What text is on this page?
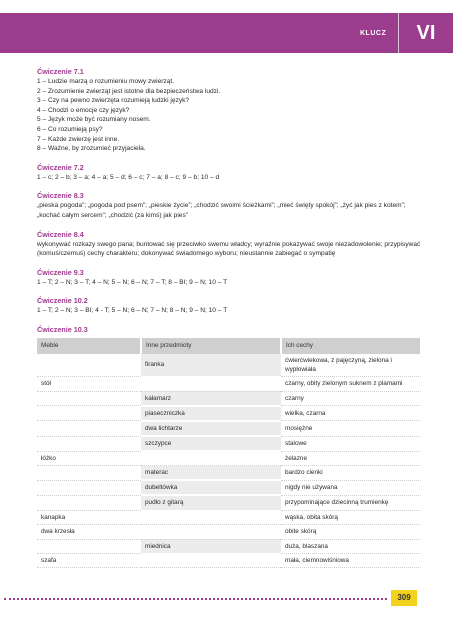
KLUCZ	VI

Ćwiczenie 7.1

1 – Ludzie marzą o rozumieniu mowy zwierząt.

2 – Zrozumienie zwierząt jest istotne dla bezpieczeństwa ludzi.

3 – Czy na pewno zwierzęta rozumieją ludzki język?

4 – Chodzi o emocje czy język?

5 – Język może być rozumiany nosem.

6 – Co rozumieją psy?

7 – Każde zwierzę jest inne.

8 – Ważne, by zrozumieć przyjaciela.

Ćwiczenie 7.2

1 – c; 2 – b; 3 – a; 4 – a; 5 – d; 6 – c; 7 – a; 8 – c; 9 – b; 10 – d

Ćwiczenie 8.3

„pieska pogoda”; „pogoda pod psem”; „pieskie życie”; „chodzić swoimi ścieżkami”; „mieć święty spokój”; „żyć jak pies z kotem”; „kochać całym sercem”; „chodzić (za kimś) jak pies”

Ćwiczenie 8.4

wykonywać rozkazy swego pana; buntować się przeciwko swemu władcy; wyraźnie pokazywać swoje niezadowolenie; przypisywać (komuś/czemuś) cechy charakteru; dokonywać świadomego wyboru; nieustannie zabiegać o sympatię

Ćwiczenie 9.3

1 – T; 2 – N; 3 – T; 4 – N; 5 – N; 6 – N; 7 – T; 8 – BI; 9 – N; 10 – T

Ćwiczenie 10.2

1 – T; 2 – N; 3 – BI; 4 - T; 5 – N; 6 – N; 7 – N; 8 – N; 9 – N; 10 – T

Ćwiczenie 10.3

Meble	Inne przedmioty	Ich cechy
	firanka	ćwierćwiekowa, z pajęczyną, zielona i wypłowiała
stół		czarny, obity zielonym suknem z plamami
	kałamarz	czarny
	piaseczniczka	wielka, czarna
	dwa lichtarze	mosiężne
	szczypce	stalowe
łóżko		żelazne
	materac	bardzo cienki
	dubeltówka	nigdy nie używana
	pudło z gitarą	przypominające dziecinną trumienkę
kanapka		wąska, obita skórą
dwa krzesła		obite skórą
	miednica	duża, blaszana
szafa		mała, ciemnowiśniowa
309
